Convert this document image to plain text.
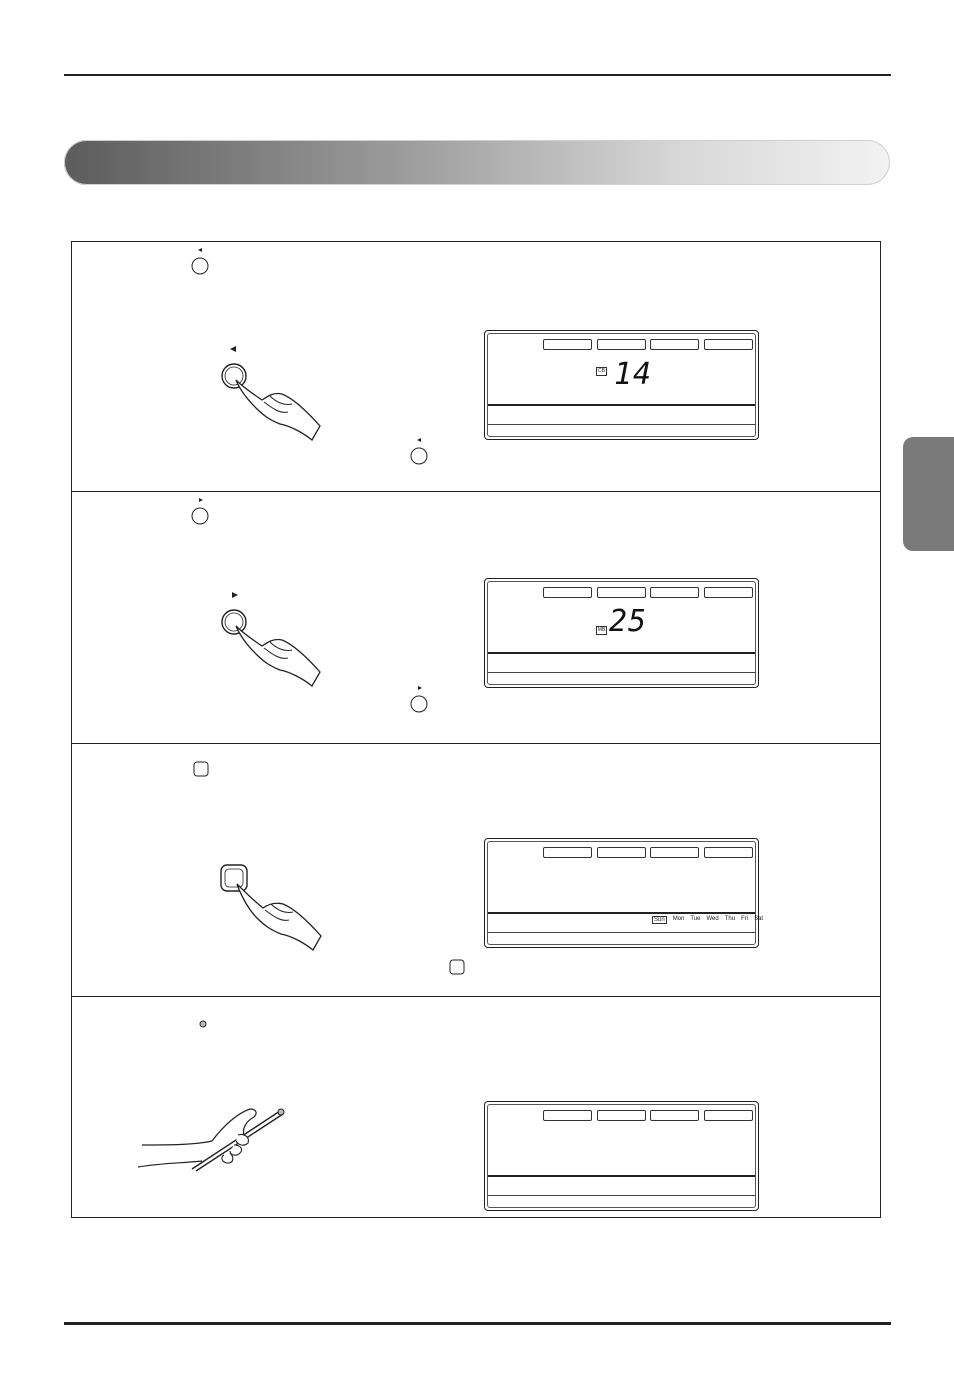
CB 14
MB 25
Sun	Mon Tue Wed Thu Fri Sat
